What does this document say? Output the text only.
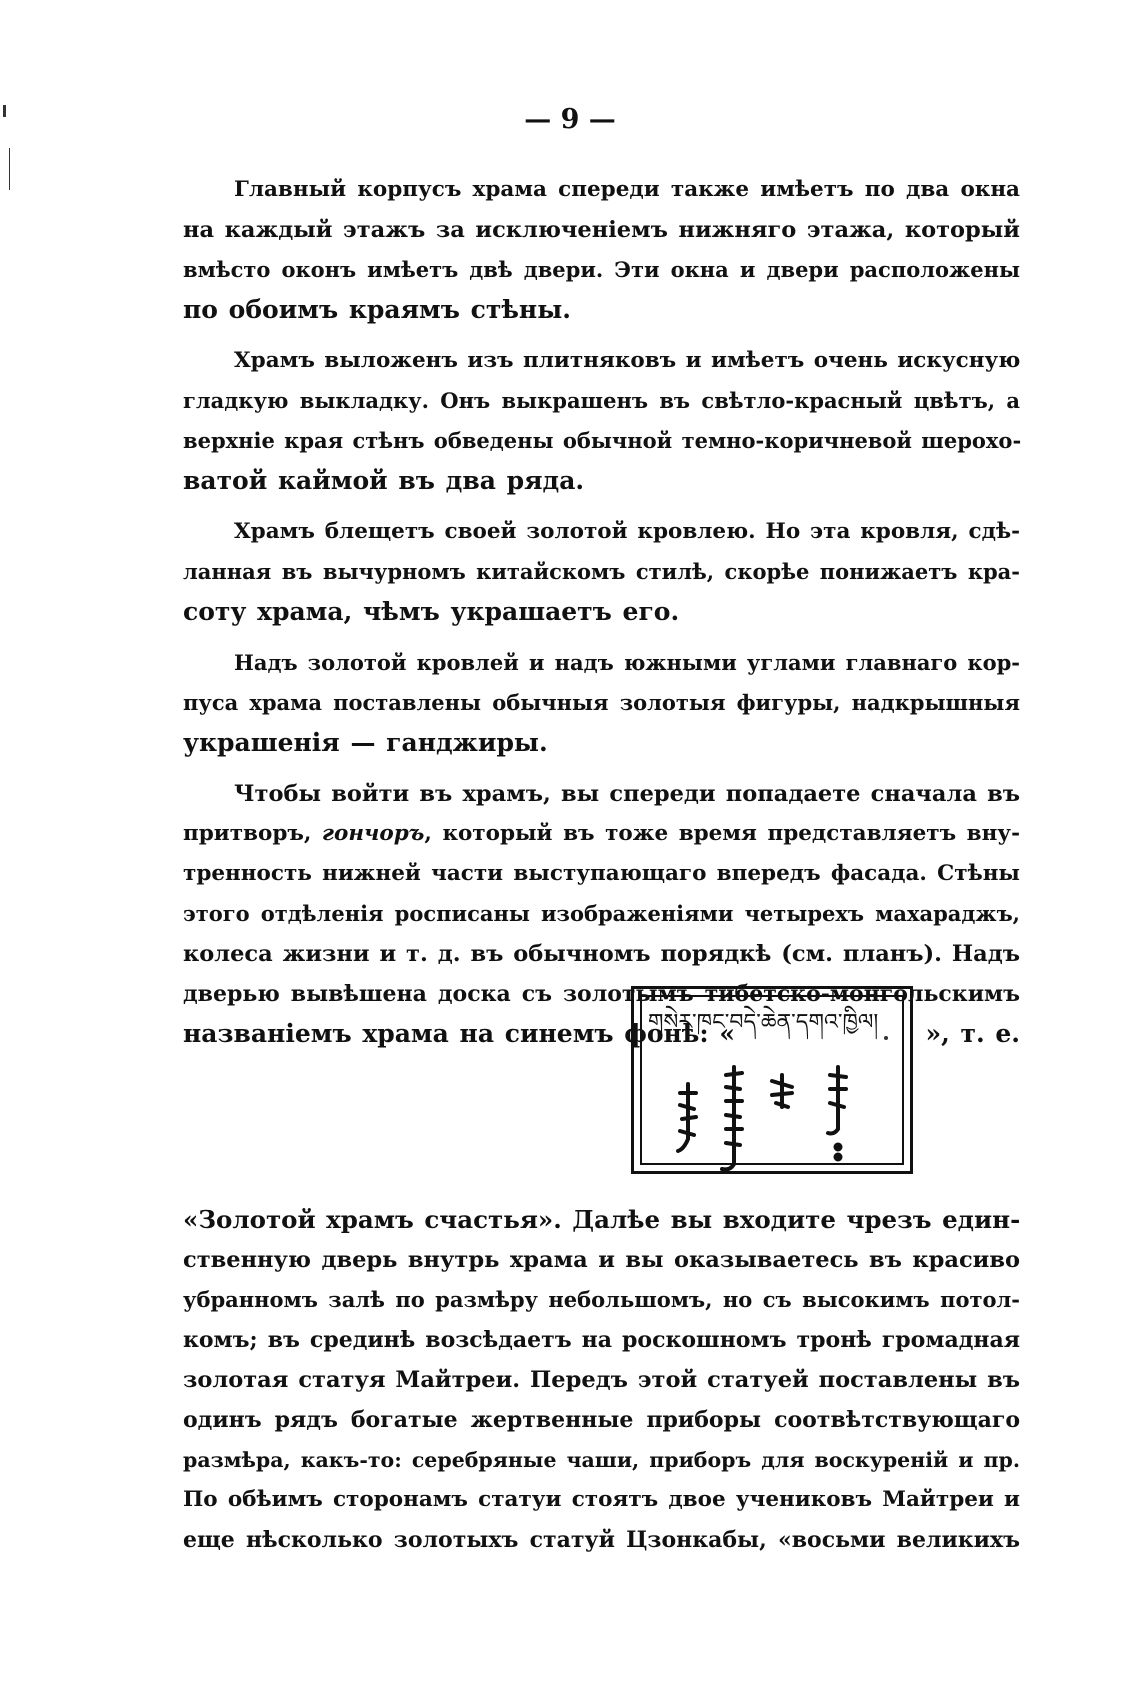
— 9 —
Главный корпусъ храма спереди также имѣетъ по два окна
на каждый этажъ за исключеніемъ нижняго этажа, который
вмѣсто оконъ имѣетъ двѣ двери. Эти окна и двери расположены
по обоимъ краямъ стѣны.
Храмъ выложенъ изъ плитняковъ и имѣетъ очень искусную
гладкую выкладку. Онъ выкрашенъ въ свѣтло-красный цвѣтъ, а
верхніе края стѣнъ обведены обычной темно-коричневой шерохо-
ватой каймой въ два ряда.
Храмъ блещетъ своей золотой кровлею. Но эта кровля, сдѣ-
ланная въ вычурномъ китайскомъ стилѣ, скорѣе понижаетъ кра-
соту храма, чѣмъ украшаетъ его.
Надъ золотой кровлей и надъ южными углами главнаго кор-
пуса храма поставлены обычныя золотыя фигуры, надкрышныя
украшенія — ганджиры.
Чтобы войти въ храмъ, вы спереди попадаете сначала въ
притворъ, гончоръ, который въ тоже время представляетъ вну-
тренность нижней части выступающаго впередъ фасада. Стѣны
этого отдѣленія росписаны изображеніями четырехъ махараджъ,
колеса жизни и т. д. въ обычномъ порядкѣ (см. планъ). Надъ
дверью вывѣшена доска съ золотымъ тибетско-монгольскимъ
названіемъ храма на синемъ фонѣ: «	», т. е.
གསེར་ཁང་བདེ་ཆེན་དགའ་ཁྱིལ།
«Золотой храмъ счастья». Далѣе вы входите чрезъ един-
ственную дверь внутрь храма и вы оказываетесь въ красиво
убранномъ залѣ по размѣру небольшомъ, но съ высокимъ потол-
комъ; въ срединѣ возсѣдаетъ на роскошномъ тронѣ громадная
золотая статуя Майтреи. Передъ этой статуей поставлены въ
одинъ рядъ богатые жертвенные приборы соотвѣтствующаго
размѣра, какъ-то: серебряные чаши, приборъ для воскуреній и пр.
По обѣимъ сторонамъ статуи стоятъ двое учениковъ Майтреи и
еще нѣсколько золотыхъ статуй Цзонкабы, «восьми великихъ
